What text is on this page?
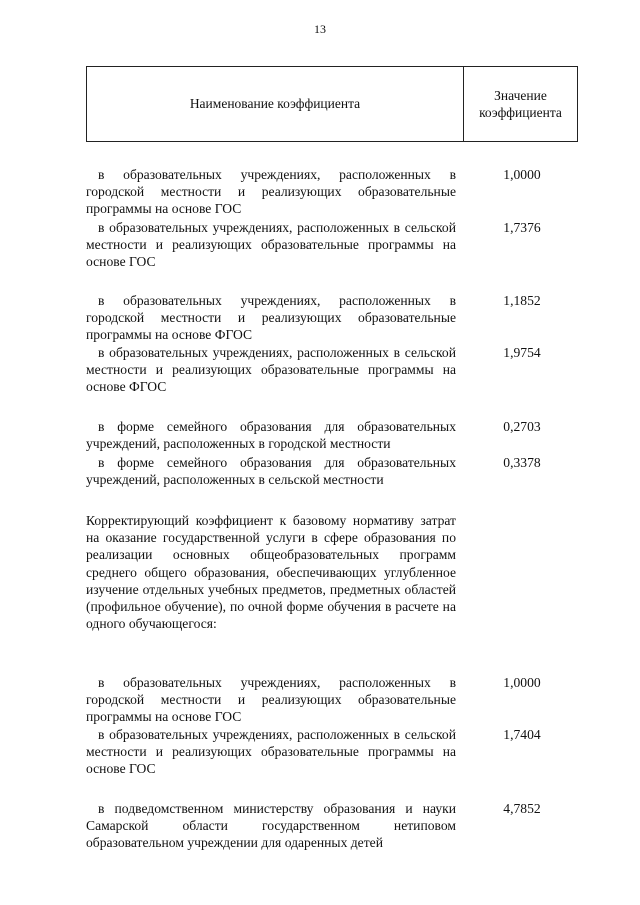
13
Наименование коэффициента
Значение
коэффициента
в образовательных учреждениях, расположенных в городской местности и реализующих образовательные программы на основе ГОС
1,0000
в образовательных учреждениях, расположенных в сельской местности и реализующих образовательные программы на основе ГОС
1,7376
в образовательных учреждениях, расположенных в городской местности и реализующих образовательные программы на основе ФГОС
1,1852
в образовательных учреждениях, расположенных в сельской местности и реализующих образовательные программы на основе ФГОС
1,9754
в форме семейного образования для образовательных учреждений, расположенных в городской местности
0,2703
в форме семейного образования для образовательных учреждений, расположенных в сельской местности
0,3378
Корректирующий коэффициент к базовому нормативу затрат на оказание государственной услуги в сфере образования по реализации основных общеобразовательных программ среднего общего образования, обеспечивающих углубленное изучение отдельных учебных предметов, предметных областей (профильное обучение), по очной форме обучения в расчете на одного обучающегося:
в образовательных учреждениях, расположенных в городской местности и реализующих образовательные программы на основе ГОС
1,0000
в образовательных учреждениях, расположенных в сельской местности и реализующих образовательные программы на основе ГОС
1,7404
в подведомственном министерству образования и науки Самарской области государственном нетиповом образовательном учреждении для одаренных детей
4,7852
